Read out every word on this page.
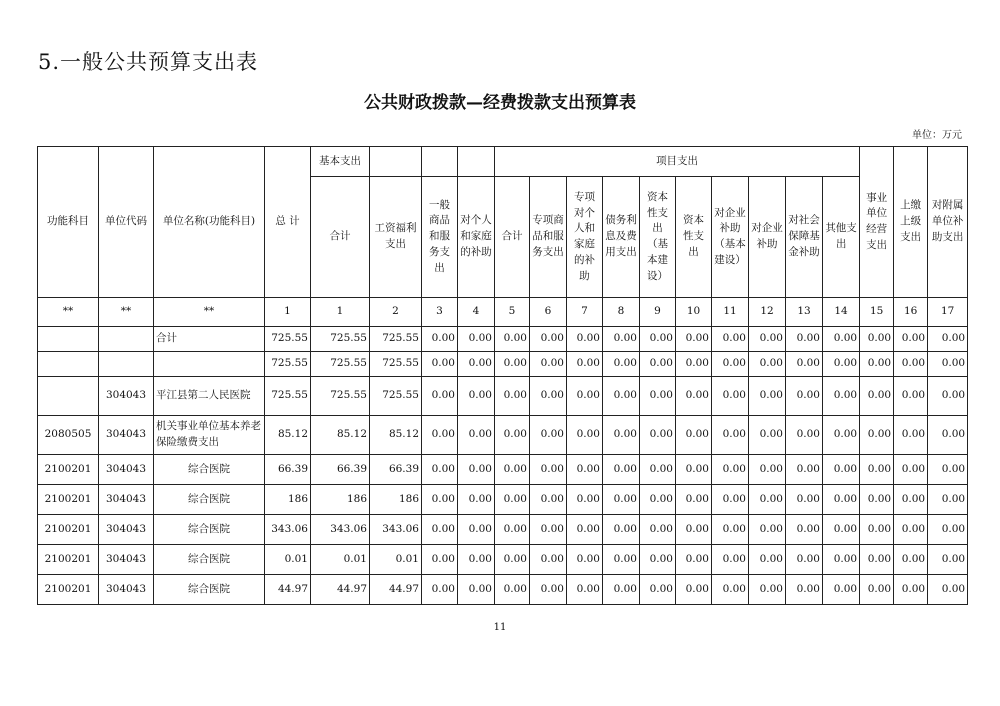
5.一般公共预算支出表
公共财政拨款—经费拨款支出预算表
单位：万元
功能科目	单位代码	单位名称(功能科目)	总 计	基本支出				项目支出										事业单位经营支出	上缴上级支出	对附属单位补助支出
				合计	工资福利支出	一般商品和服务支出	对个人和家庭的补助	合计	专项商品和服务支出	专项对个人和家庭的补助	债务利息及费用支出	资本性支出（基本建设）	资本性支出	对企业补助（基本建设）	对企业补助	对社会保障基金补助	其他支出			
**	**	**	1	1	2	3	4	5	6	7	8	9	10	11	12	13	14	15	16	17
		合计	725.55	725.55	725.55	0.00	0.00	0.00	0.00	0.00	0.00	0.00	0.00	0.00	0.00	0.00	0.00	0.00	0.00	0.00
			725.55	725.55	725.55	0.00	0.00	0.00	0.00	0.00	0.00	0.00	0.00	0.00	0.00	0.00	0.00	0.00	0.00	0.00
	304043	平江县第二人民医院	725.55	725.55	725.55	0.00	0.00	0.00	0.00	0.00	0.00	0.00	0.00	0.00	0.00	0.00	0.00	0.00	0.00	0.00
2080505	304043	机关事业单位基本养老保险缴费支出	85.12	85.12	85.12	0.00	0.00	0.00	0.00	0.00	0.00	0.00	0.00	0.00	0.00	0.00	0.00	0.00	0.00	0.00
2100201	304043	综合医院	66.39	66.39	66.39	0.00	0.00	0.00	0.00	0.00	0.00	0.00	0.00	0.00	0.00	0.00	0.00	0.00	0.00	0.00
2100201	304043	综合医院	186	186	186	0.00	0.00	0.00	0.00	0.00	0.00	0.00	0.00	0.00	0.00	0.00	0.00	0.00	0.00	0.00
2100201	304043	综合医院	343.06	343.06	343.06	0.00	0.00	0.00	0.00	0.00	0.00	0.00	0.00	0.00	0.00	0.00	0.00	0.00	0.00	0.00
2100201	304043	综合医院	0.01	0.01	0.01	0.00	0.00	0.00	0.00	0.00	0.00	0.00	0.00	0.00	0.00	0.00	0.00	0.00	0.00	0.00
2100201	304043	综合医院	44.97	44.97	44.97	0.00	0.00	0.00	0.00	0.00	0.00	0.00	0.00	0.00	0.00	0.00	0.00	0.00	0.00	0.00
11
